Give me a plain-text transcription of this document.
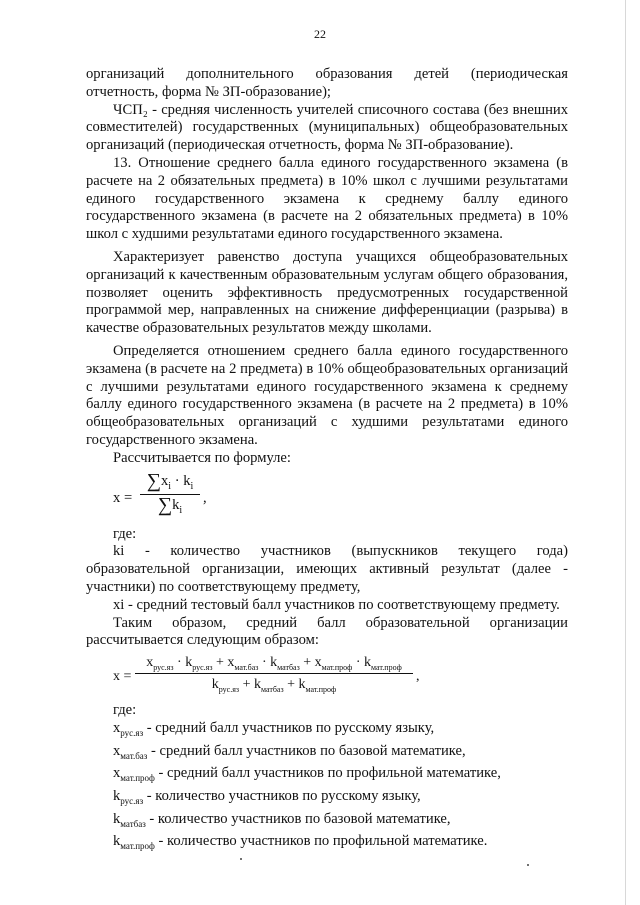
22

организаций дополнительного образования детей (периодическая отчетность, форма № ЗП-образование);

ЧСП₂ - средняя численность учителей списочного состава (без внешних совместителей) государственных (муниципальных) общеобразовательных организаций (периодическая отчетность, форма № ЗП-образование).

13. Отношение среднего балла единого государственного экзамена (в расчете на 2 обязательных предмета) в 10% школ с лучшими результатами единого государственного экзамена к среднему баллу единого государственного экзамена (в расчете на 2 обязательных предмета) в 10% школ с худшими результатами единого государственного экзамена.

Характеризует равенство доступа учащихся общеобразовательных организаций к качественным образовательным услугам общего образования, позволяет оценить эффективность предусмотренных государственной программой мер, направленных на снижение дифференциации (разрыва) в качестве образовательных результатов между школами.

Определяется отношением среднего балла единого государственного экзамена (в расчете на 2 предмета) в 10% общеобразовательных организаций с лучшими результатами единого государственного экзамена к среднему баллу единого государственного экзамена (в расчете на 2 предмета) в 10% общеобразовательных организаций с худшими результатами единого государственного экзамена.

Рассчитывается по формуле:

x =
$\sum x_i \cdot k_i$
$\sum k_i$
,

где:

ki - количество участников (выпускников текущего года) образовательной организации, имеющих активный результат (далее - участники) по соответствующему предмету,

xi - средний тестовый балл участников по соответствующему предмету.

Таким образом, средний балл образовательной организации рассчитывается следующим образом:

x =
$x_{рус.яз} \cdot k_{рус.яз} + x_{мат.баз} \cdot k_{матбаз} + x_{мат.проф} \cdot k_{мат.проф}$
$k_{рус.яз} + k_{матбаз} + k_{мат.проф}$
,

где:

$x_{рус.яз}$ - средний балл участников по русскому языку,

$x_{мат.баз}$ - средний балл участников по базовой математике,

$x_{мат.проф}$ - средний балл участников по профильной математике,

$k_{рус.яз}$ - количество участников по русскому языку,

$k_{матбаз}$ - количество участников по базовой математике,

$k_{мат.проф}$ - количество участников по профильной математике.
